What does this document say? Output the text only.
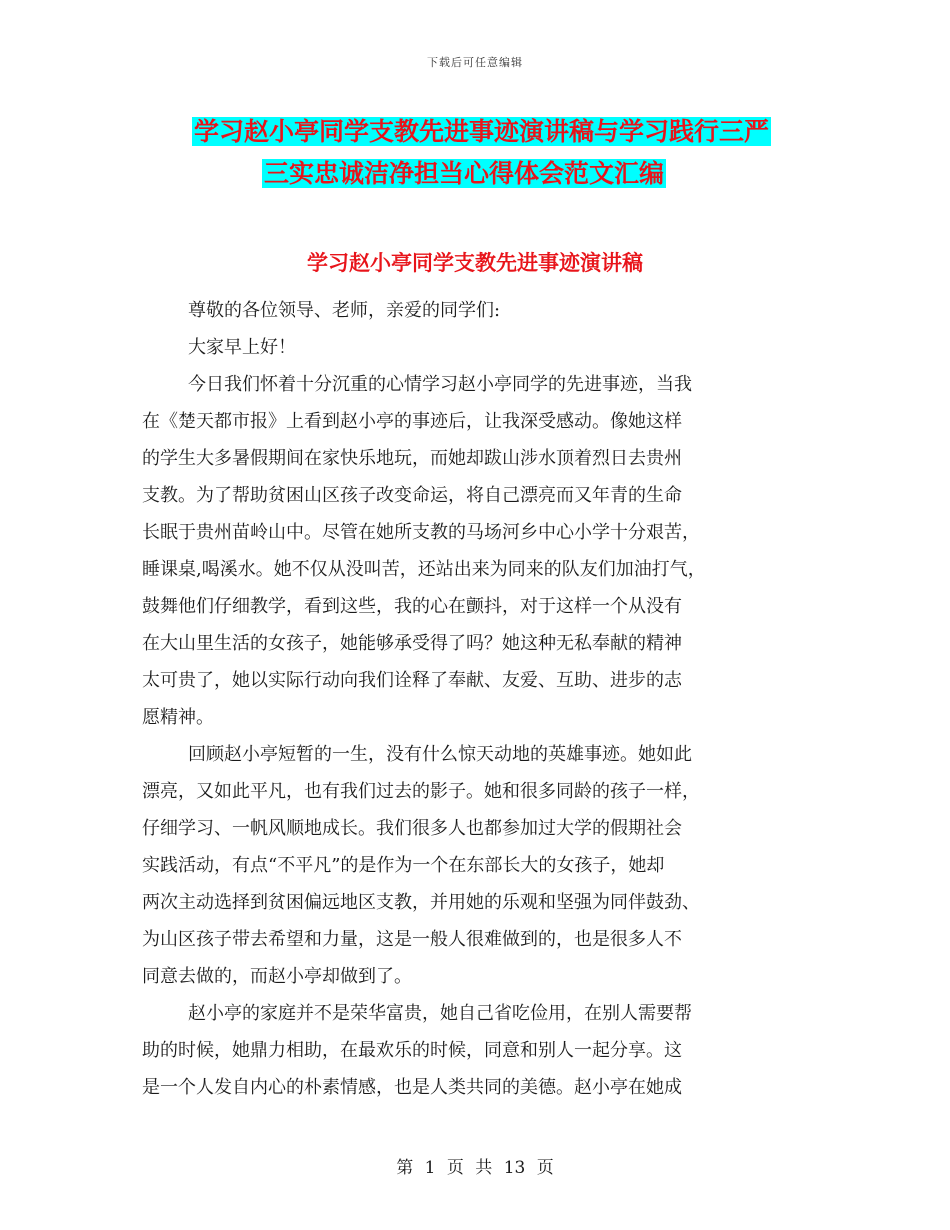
下载后可任意编辑
学习赵小亭同学支教先进事迹演讲稿与学习践行三严
三实忠诚洁净担当心得体会范文汇编
学习赵小亭同学支教先进事迹演讲稿
尊敬的各位领导、老师，亲爱的同学们:
大家早上好！
今日我们怀着十分沉重的心情学习赵小亭同学的先进事迹，当我
在《楚天都市报》上看到赵小亭的事迹后，让我深受感动。像她这样
的学生大多暑假期间在家快乐地玩，而她却跋山涉水顶着烈日去贵州
支教。为了帮助贫困山区孩子改变命运，将自己漂亮而又年青的生命
长眠于贵州苗岭山中。尽管在她所支教的马场河乡中心小学十分艰苦，
睡课桌,喝溪水。她不仅从没叫苦，还站出来为同来的队友们加油打气，
鼓舞他们仔细教学，看到这些，我的心在颤抖，对于这样一个从没有
在大山里生活的女孩子，她能够承受得了吗？她这种无私奉献的精神
太可贵了，她以实际行动向我们诠释了奉献、友爱、互助、进步的志
愿精神。
回顾赵小亭短暂的一生，没有什么惊天动地的英雄事迹。她如此
漂亮，又如此平凡，也有我们过去的影子。她和很多同龄的孩子一样，
仔细学习、一帆风顺地成长。我们很多人也都参加过大学的假期社会
实践活动，有点“不平凡”的是作为一个在东部长大的女孩子，她却
两次主动选择到贫困偏远地区支教，并用她的乐观和坚强为同伴鼓劲、
为山区孩子带去希望和力量，这是一般人很难做到的，也是很多人不
同意去做的，而赵小亭却做到了。
赵小亭的家庭并不是荣华富贵，她自己省吃俭用，在别人需要帮
助的时候，她鼎力相助，在最欢乐的时候，同意和别人一起分享。这
是一个人发自内心的朴素情感，也是人类共同的美德。赵小亭在她成
第 1 页 共 13 页
